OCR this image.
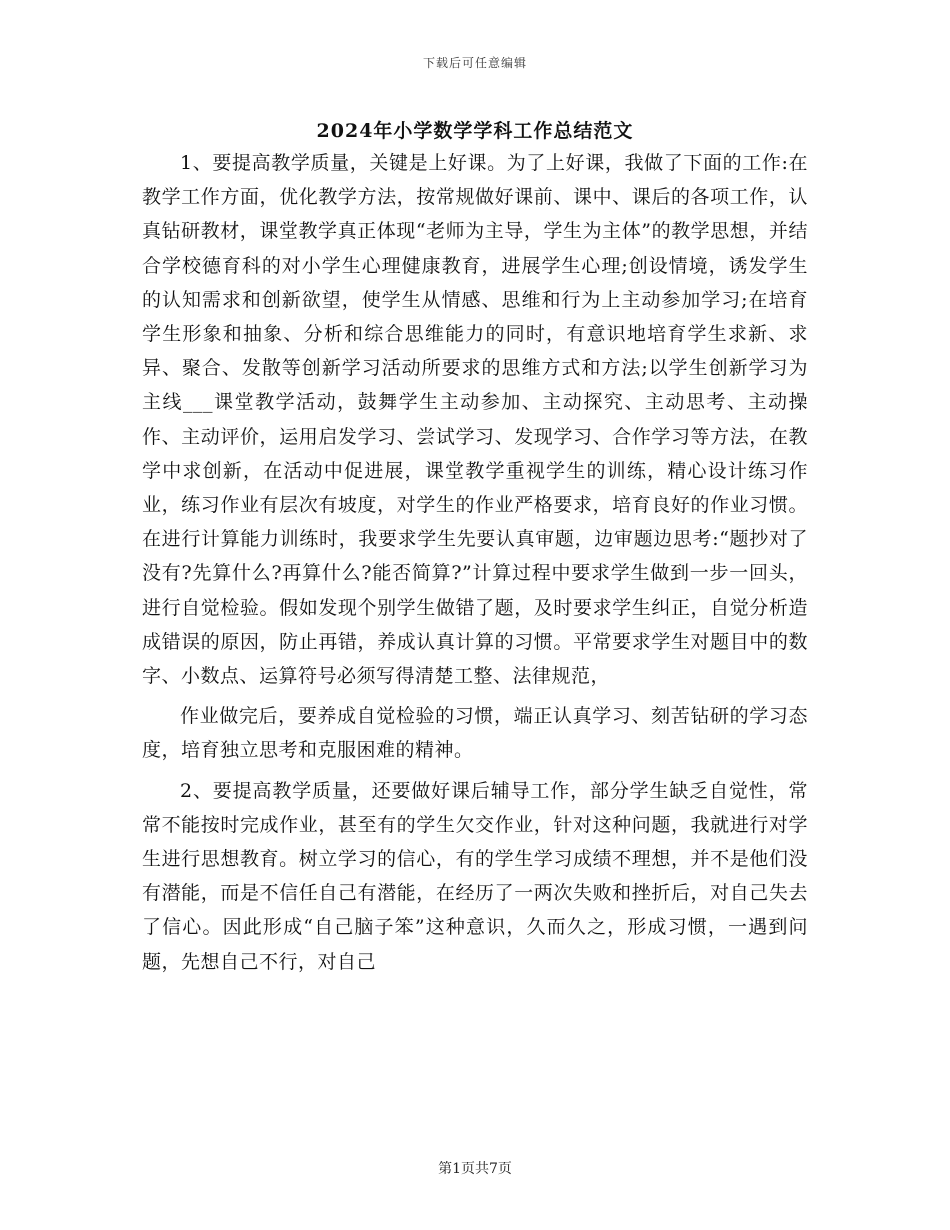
下载后可任意编辑
2024年小学数学学科工作总结范文

1、要提高教学质量，关键是上好课。为了上好课，我做了下面的工作:在教学工作方面，优化教学方法，按常规做好课前、课中、课后的各项工作，认真钻研教材，课堂教学真正体现“老师为主导，学生为主体”的教学思想，并结合学校德育科的对小学生心理健康教育，进展学生心理;创设情境，诱发学生的认知需求和创新欲望，使学生从情感、思维和行为上主动参加学习;在培育学生形象和抽象、分析和综合思维能力的同时，有意识地培育学生求新、求异、聚合、发散等创新学习活动所要求的思维方式和方法;以学生创新学习为主线___课堂教学活动，鼓舞学生主动参加、主动探究、主动思考、主动操作、主动评价，运用启发学习、尝试学习、发现学习、合作学习等方法，在教学中求创新，在活动中促进展，课堂教学重视学生的训练，精心设计练习作业，练习作业有层次有坡度，对学生的作业严格要求，培育良好的作业习惯。在进行计算能力训练时，我要求学生先要认真审题，边审题边思考:“题抄对了没有?先算什么?再算什么?能否简算?”计算过程中要求学生做到一步一回头，进行自觉检验。假如发现个别学生做错了题，及时要求学生纠正，自觉分析造成错误的原因，防止再错，养成认真计算的习惯。平常要求学生对题目中的数字、小数点、运算符号必须写得清楚工整、法律规范，

作业做完后，要养成自觉检验的习惯，端正认真学习、刻苦钻研的学习态度，培育独立思考和克服困难的精神。

2、要提高教学质量，还要做好课后辅导工作，部分学生缺乏自觉性，常常不能按时完成作业，甚至有的学生欠交作业，针对这种问题，我就进行对学生进行思想教育。树立学习的信心，有的学生学习成绩不理想，并不是他们没有潜能，而是不信任自己有潜能，在经历了一两次失败和挫折后，对自己失去了信心。因此形成“自己脑子笨”这种意识，久而久之，形成习惯，一遇到问题，先想自己不行，对自己

第1页共7页
